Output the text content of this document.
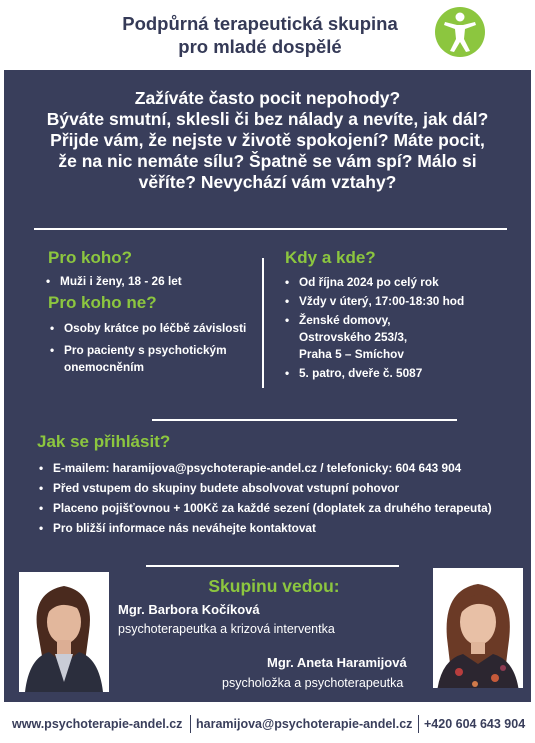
Podpůrná terapeutická skupina
pro mladé dospělé
Zažíváte často pocit nepohody?
Býváte smutní, sklesli či bez nálady a nevíte, jak dál?
Přijde vám, že nejste v životě spokojení? Máte pocit,
že na nic nemáte sílu? Špatně se vám spí? Málo si
věříte? Nevychází vám vztahy?
Pro koho?
• Muži i ženy, 18 - 26 let
Pro koho ne?
• Osoby krátce po léčbě závislosti
• Pro pacienty s psychotickým onemocněním
Kdy a kde?
• Od října 2024 po celý rok
• Vždy v úterý, 17:00-18:30 hod
• Ženské domovy, Ostrovského 253/3, Praha 5 – Smíchov
• 5. patro, dveře č. 5087
Jak se přihlásit?
• E-mailem: haramijova@psychoterapie-andel.cz / telefonicky: 604 643 904
• Před vstupem do skupiny budete absolvovat vstupní pohovor
• Placeno pojišťovnou + 100Kč za každé sezení (doplatek za druhého terapeuta)
• Pro bližší informace nás neváhejte kontaktovat
Skupinu vedou:
Mgr. Barbora Kočíková
psychoterapeutka a krizová interventka
Mgr. Aneta Haramijová
psycholožka a psychoterapeutka
www.psychoterapie-andel.cz haramijova@psychoterapie-andel.cz +420 604 643 904
